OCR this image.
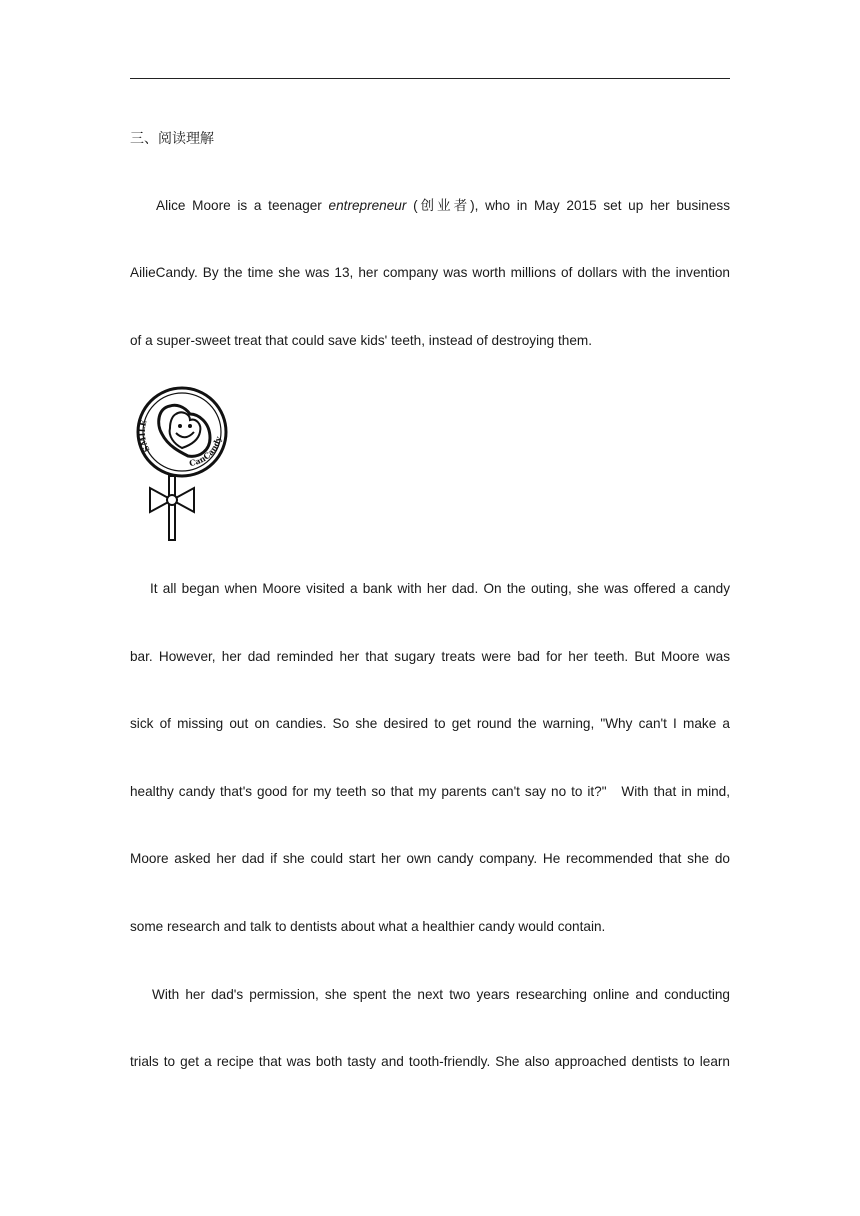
三、阅读理解
Alice Moore is a teenager entrepreneur (创业者), who in May 2015 set up her business
AilieCandy. By the time she was 13, her company was worth millions of dollars with the invention
of a super-sweet treat that could save kids' teeth, instead of destroying them.
SMILE
CanCandy
It all began when Moore visited a bank with her dad. On the outing, she was offered a candy
bar. However, her dad reminded her that sugary treats were bad for her teeth. But Moore was
sick of missing out on candies. So she desired to get round the warning, "Why can't I make a
healthy candy that's good for my teeth so that my parents can't say no to it?"   With that in mind,
Moore asked her dad if she could start her own candy company. He recommended that she do
some research and talk to dentists about what a healthier candy would contain.
With her dad's permission, she spent the next two years researching online and conducting
trials to get a recipe that was both tasty and tooth-friendly. She also approached dentists to learn
